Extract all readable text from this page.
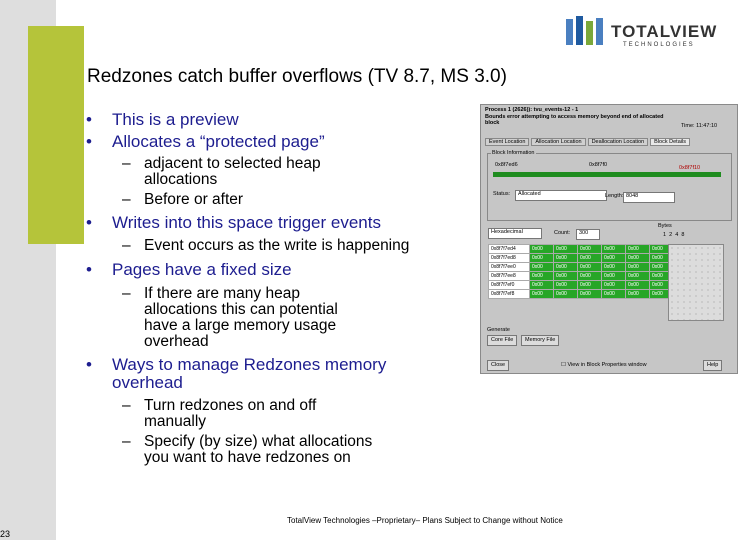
TOTALVIEW
TECHNOLOGIES
Redzones catch buffer overflows (TV 8.7, MS 3.0)
• This is a preview
• Allocates a “protected page”
– adjacent to selected heap allocations
– Before or after
• Writes into this space trigger events
– Event occurs as the write is happening
• Pages have a fixed size
– If there are many heap allocations this can potential have a large memory usage overhead
• Ways to manage Redzones memory overhead
– Turn redzones on and off manually
– Specify (by size) what allocations you want to have redzones on
Process 1 (2626)): tvu_events-12 - 1
Bounds error attempting to access memory beyond end of allocated block	Time: 11:47:10
Event Location Allocation Location Deallocation Location Block Details
Block Information
0x8f7ed6	0x8f7f0	0x8f7f10
Status:	Allocated	Length: 8048
Hexadecimal	Count:	300
Bytes
1 2 4 8
0x8f7f7ed4	0x00	0x00	0x00	0x00	0x00	0x00		
0x8f7f7ed8	0x00	0x00	0x00	0x00	0x00	0x00		
0x8f7f7ee0	0x00	0x00	0x00	0x00	0x00	0x00		
0x8f7f7ee8	0x00	0x00	0x00	0x00	0x00	0x00		
0x8f7f7ef0	0x00	0x00	0x00	0x00	0x00	0x00		
0x8f7f7ef8	0x00	0x00	0x00	0x00	0x00	0x00		
Generate
Core File	Memory File
Close	☐ View in Block Properties window	Help
TotalView Technologies –Proprietary– Plans Subject to Change without Notice
23
